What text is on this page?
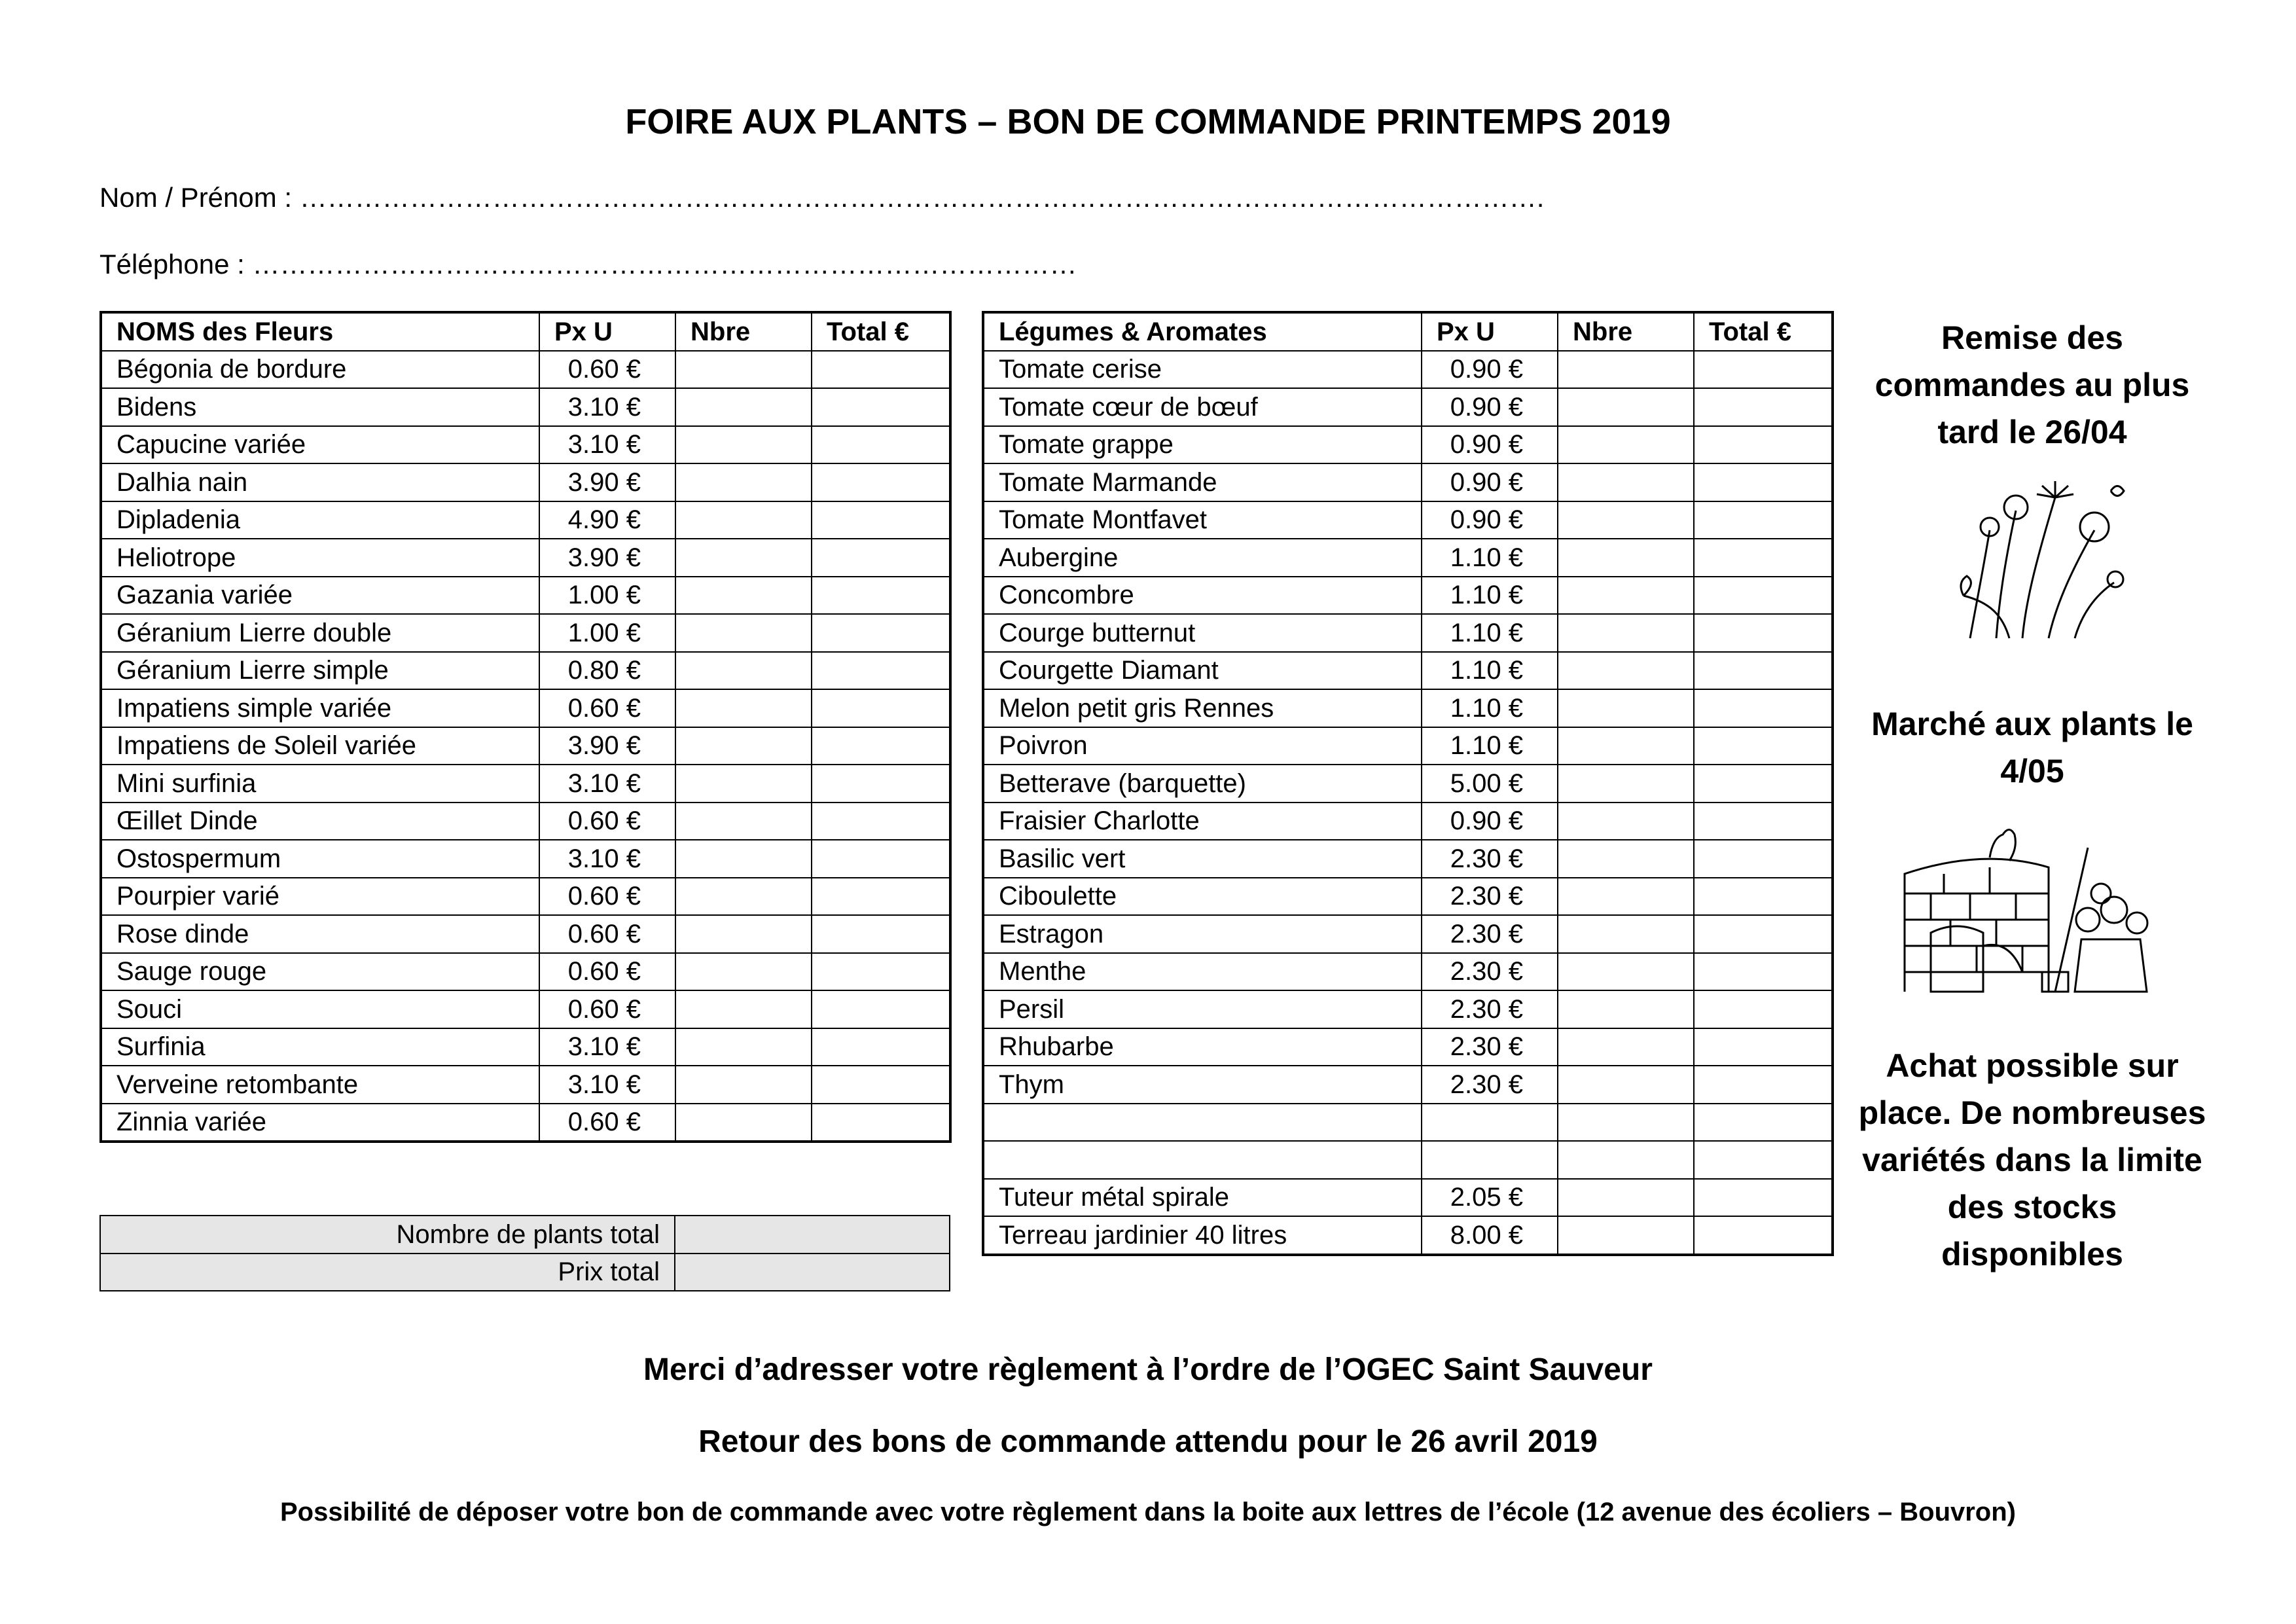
FOIRE AUX PLANTS – BON DE COMMANDE PRINTEMPS 2019
Nom / Prénom : ……………………………………………………………………………………………………………………….
Téléphone : ………………………………………………………………………………
NOMS des Fleurs	Px U	Nbre	Total €
Bégonia de bordure	0.60 €		
Bidens	3.10 €		
Capucine variée	3.10 €		
Dalhia nain	3.90 €		
Dipladenia	4.90 €		
Heliotrope	3.90 €		
Gazania variée	1.00 €		
Géranium Lierre double	1.00 €		
Géranium Lierre simple	0.80 €		
Impatiens simple variée	0.60 €		
Impatiens de Soleil variée	3.90 €		
Mini surfinia	3.10 €		
Œillet Dinde	0.60 €		
Ostospermum	3.10 €		
Pourpier varié	0.60 €		
Rose dinde	0.60 €		
Sauge rouge	0.60 €		
Souci	0.60 €		
Surfinia	3.10 €		
Verveine retombante	3.10 €		
Zinnia variée	0.60 €		
Nombre de plants total	
Prix total	
Légumes & Aromates	Px U	Nbre	Total €
Tomate cerise	0.90 €		
Tomate cœur de bœuf	0.90 €		
Tomate grappe	0.90 €		
Tomate Marmande	0.90 €		
Tomate Montfavet	0.90 €		
Aubergine	1.10 €		
Concombre	1.10 €		
Courge butternut	1.10 €		
Courgette Diamant	1.10 €		
Melon petit gris Rennes	1.10 €		
Poivron	1.10 €		
Betterave (barquette)	5.00 €		
Fraisier Charlotte	0.90 €		
Basilic vert	2.30 €		
Ciboulette	2.30 €		
Estragon	2.30 €		
Menthe	2.30 €		
Persil	2.30 €		
Rhubarbe	2.30 €		
Thym	2.30 €		

Tuteur métal spirale	2.05 €		
Terreau jardinier 40 litres	8.00 €		
Remise des commandes au plus tard le 26/04
Marché aux plants le 4/05
Achat possible sur place. De nombreuses variétés dans la limite des stocks disponibles
Merci d’adresser votre règlement à l’ordre de l’OGEC Saint Sauveur
Retour des bons de commande attendu pour le 26 avril 2019
Possibilité de déposer votre bon de commande avec votre règlement dans la boite aux lettres de l’école (12 avenue des écoliers – Bouvron)
